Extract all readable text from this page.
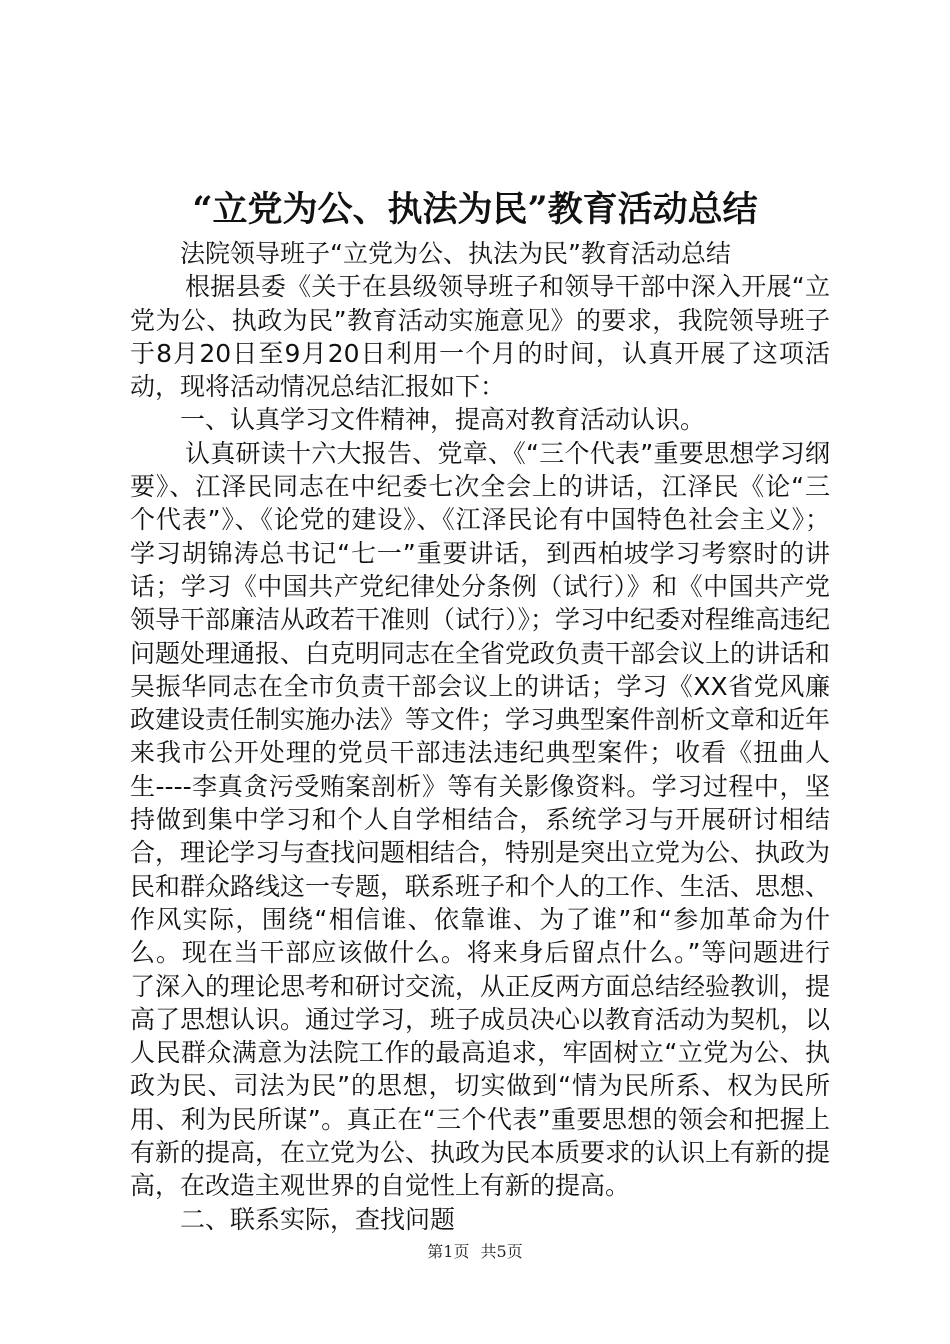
“立党为公、执法为民”教育活动总结

法院领导班子“立党为公、执法为民”教育活动总结

根据县委《关于在县级领导班子和领导干部中深入开展“立党为公、执政为民”教育活动实施意见》的要求，我院领导班子于8月20日至9月20日利用一个月的时间，认真开展了这项活动，现将活动情况总结汇报如下：

一、认真学习文件精神，提高对教育活动认识。

认真研读十六大报告、党章、《“三个代表”重要思想学习纲要》、江泽民同志在中纪委七次全会上的讲话，江泽民《论“三个代表”》、《论党的建设》、《江泽民论有中国特色社会主义》；学习胡锦涛总书记“七一”重要讲话，到西柏坡学习考察时的讲话；学习《中国共产党纪律处分条例（试行）》和《中国共产党领导干部廉洁从政若干准则（试行）》；学习中纪委对程维高违纪问题处理通报、白克明同志在全省党政负责干部会议上的讲话和吴振华同志在全市负责干部会议上的讲话；学习《XX省党风廉政建设责任制实施办法》等文件；学习典型案件剖析文章和近年来我市公开处理的党员干部违法违纪典型案件；收看《扭曲人生----李真贪污受贿案剖析》等有关影像资料。学习过程中，坚持做到集中学习和个人自学相结合，系统学习与开展研讨相结合，理论学习与查找问题相结合，特别是突出立党为公、执政为民和群众路线这一专题，联系班子和个人的工作、生活、思想、作风实际，围绕“相信谁、依靠谁、为了谁”和“参加革命为什么。现在当干部应该做什么。将来身后留点什么。”等问题进行了深入的理论思考和研讨交流，从正反两方面总结经验教训，提高了思想认识。通过学习，班子成员决心以教育活动为契机，以人民群众满意为法院工作的最高追求，牢固树立“立党为公、执政为民、司法为民”的思想，切实做到“情为民所系、权为民所用、利为民所谋”。真正在“三个代表”重要思想的领会和把握上有新的提高，在立党为公、执政为民本质要求的认识上有新的提高，在改造主观世界的自觉性上有新的提高。

二、联系实际，查找问题

第1页 共5页
